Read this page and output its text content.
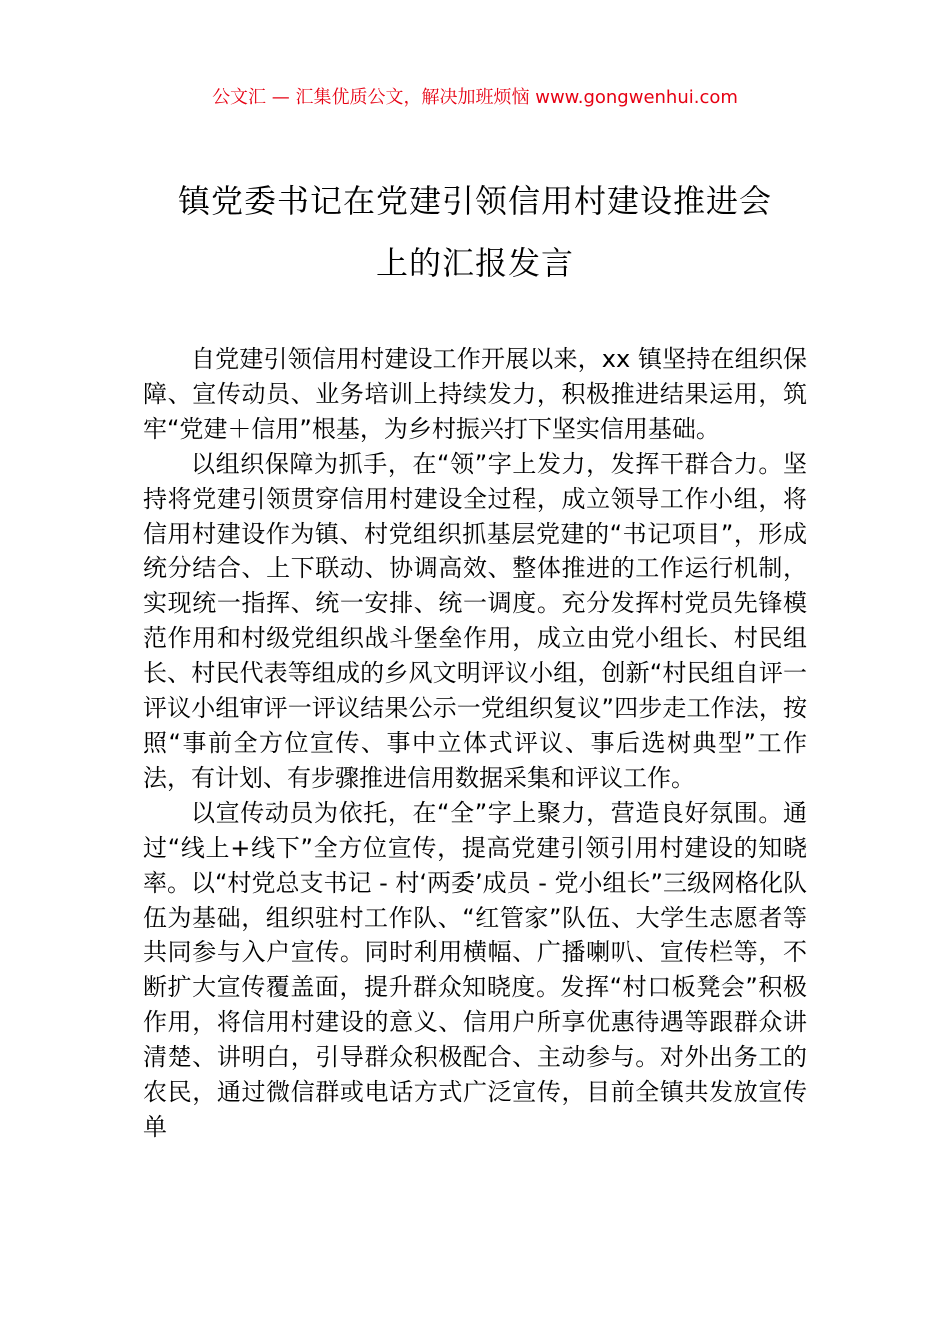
公文汇 — 汇集优质公文，解决加班烦恼 www.gongwenhui.com
镇党委书记在党建引领信用村建设推进会
上的汇报发言

自党建引领信用村建设工作开展以来，xx 镇坚持在组织保障、宣传动员、业务培训上持续发力，积极推进结果运用，筑牢“党建＋信用”根基，为乡村振兴打下坚实信用基础。

以组织保障为抓手，在“领”字上发力，发挥干群合力。坚持将党建引领贯穿信用村建设全过程，成立领导工作小组，将信用村建设作为镇、村党组织抓基层党建的“书记项目”，形成统分结合、上下联动、协调高效、整体推进的工作运行机制，实现统一指挥、统一安排、统一调度。充分发挥村党员先锋模范作用和村级党组织战斗堡垒作用，成立由党小组长、村民组长、村民代表等组成的乡风文明评议小组，创新“村民组自评一评议小组审评一评议结果公示一党组织复议”四步走工作法，按照“事前全方位宣传、事中立体式评议、事后选树典型”工作法，有计划、有步骤推进信用数据采集和评议工作。

以宣传动员为依托，在“全”字上聚力，营造良好氛围。通过“线上+线下”全方位宣传，提高党建引领引用村建设的知晓率。以“村党总支书记 - 村‘两委’成员 - 党小组长”三级网格化队伍为基础，组织驻村工作队、“红管家”队伍、大学生志愿者等共同参与入户宣传。同时利用横幅、广播喇叭、宣传栏等，不断扩大宣传覆盖面，提升群众知晓度。发挥“村口板凳会”积极作用，将信用村建设的意义、信用户所享优惠待遇等跟群众讲清楚、讲明白，引导群众积极配合、主动参与。对外出务工的农民，通过微信群或电话方式广泛宣传，目前全镇共发放宣传单
